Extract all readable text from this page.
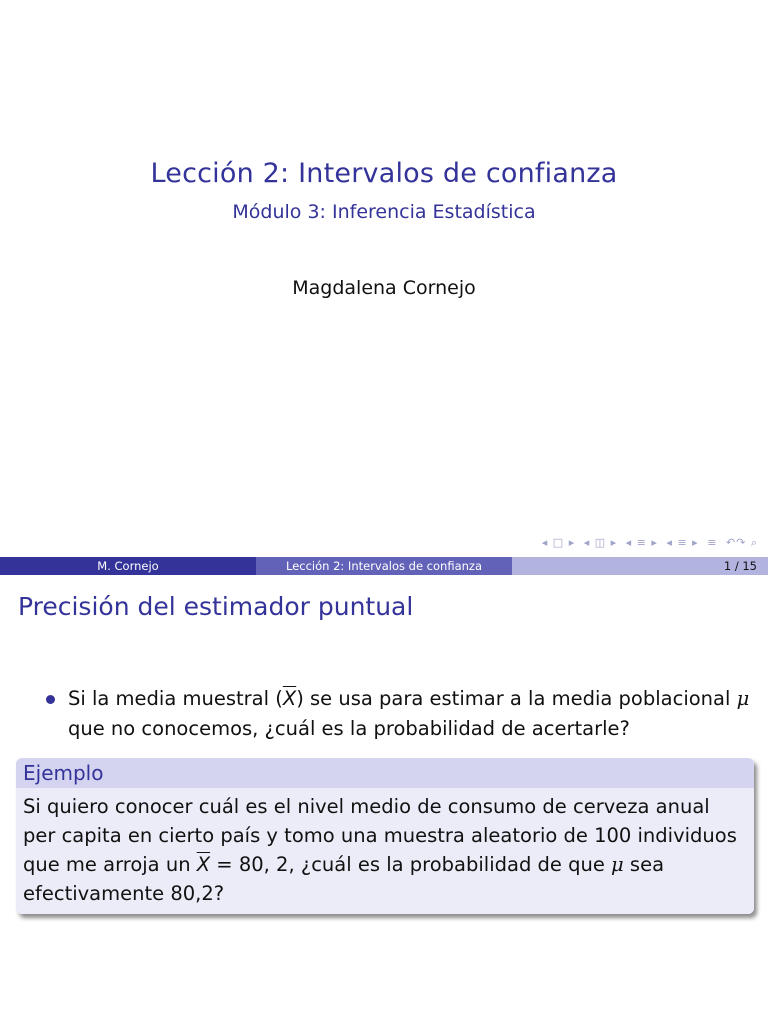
Lección 2: Intervalos de confianza
Módulo 3: Inferencia Estadística
Magdalena Cornejo
◂ □ ▸ ◂ ◫ ▸ ◂ ≡ ▸ ◂ ≡ ▸ ≡ ↶↷ ⌕
M. Cornejo	Lección 2: Intervalos de confianza	1 / 15
Precisión del estimador puntual
Si la media muestral $(\overline{X})$ se usa para estimar a la media poblacional μ que no conocemos, ¿cuál es la probabilidad de acertarle?
Ejemplo
Si quiero conocer cuál es el nivel medio de consumo de cerveza anual per capita en cierto país y tomo una muestra aleatorio de 100 individuos que me arroja un $\overline{X} = 80$, 2, ¿cuál es la probabilidad de que μ sea efectivamente 80,2?
